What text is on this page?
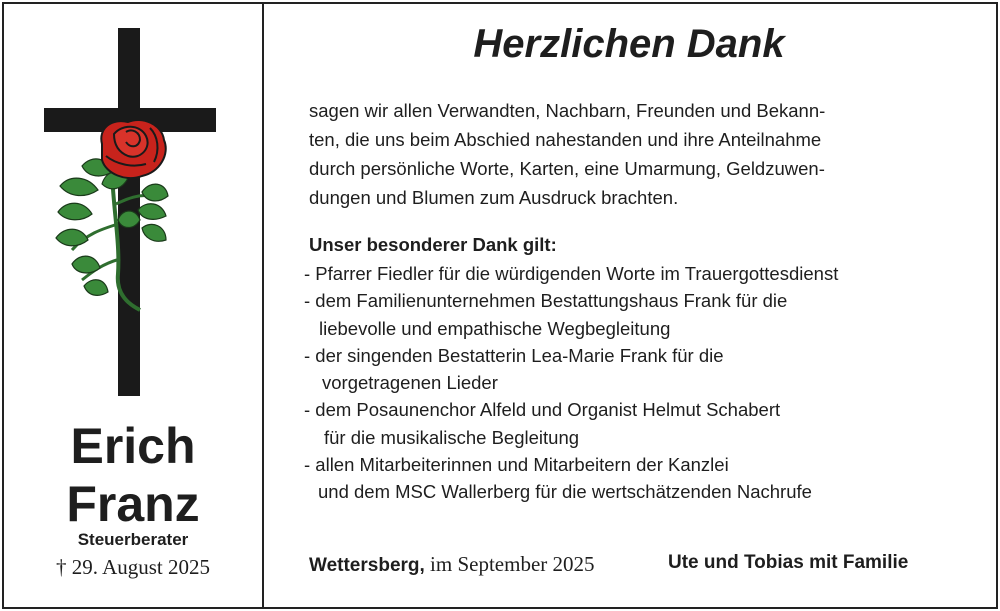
Erich
Franz
Steuerberater
† 29. August 2025
Herzlichen Dank
sagen wir allen Verwandten, Nachbarn, Freunden und Bekann-
ten, die uns beim Abschied nahestanden und ihre Anteilnahme
durch persönliche Worte, Karten, eine Umarmung, Geldzuwen-
dungen und Blumen zum Ausdruck brachten.
Unser besonderer Dank gilt:
- Pfarrer Fiedler für die würdigenden Worte im Trauergottesdienst
- dem Familienunternehmen Bestattungshaus Frank für die
liebevolle und empathische Wegbegleitung
- der singenden Bestatterin Lea-Marie Frank für die
vorgetragenen Lieder
- dem Posaunenchor Alfeld und Organist Helmut Schabert
für die musikalische Begleitung
- allen Mitarbeiterinnen und Mitarbeitern der Kanzlei
und dem MSC Wallerberg für die wertschätzenden Nachrufe
Wettersberg, im September 2025	Ute und Tobias mit Familie
